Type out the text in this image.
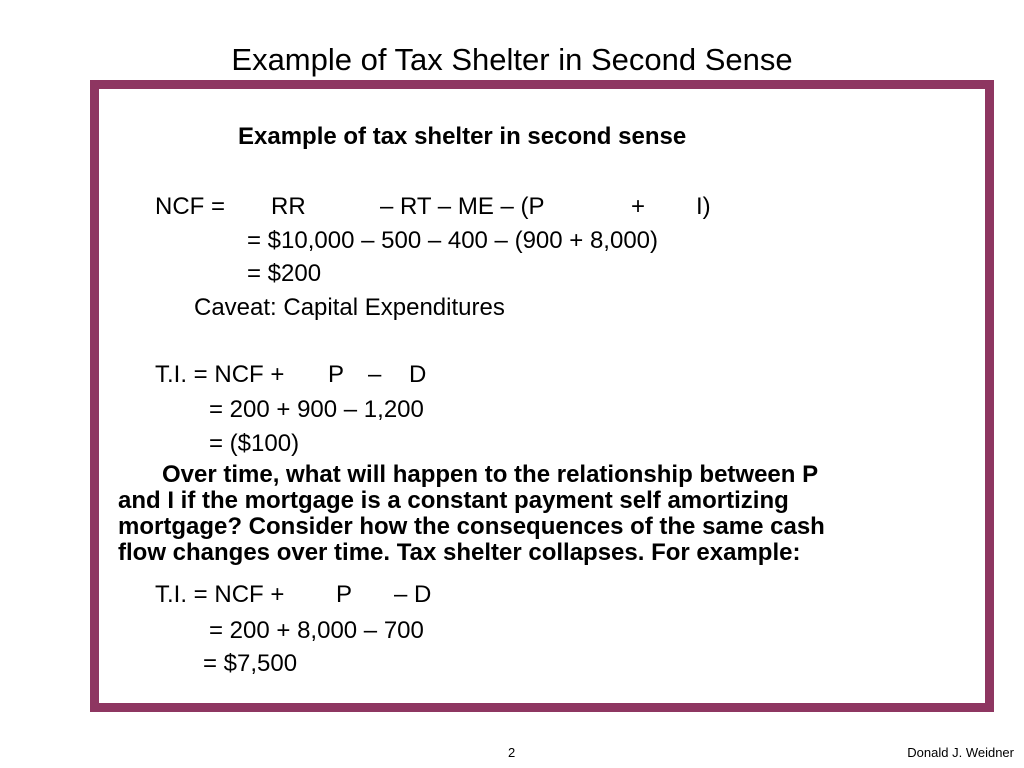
Example of Tax Shelter in Second Sense
Example of tax shelter in second sense
NCF = RR	– RT – ME – (P	+ I)
= $10,000 – 500 – 400 – (900 + 8,000)
= $200
Caveat: Capital Expenditures
T.I. = NCF + P – D
= 200 + 900 – 1,200
= ($100)
Over time, what will happen to the relationship between P
and I if the mortgage is a constant payment self amortizing
mortgage? Consider how the consequences of the same cash
flow changes over time. Tax shelter collapses. For example:
T.I. = NCF + P – D
= 200 + 8,000 – 700
= $7,500
2	Donald J. Weidner
